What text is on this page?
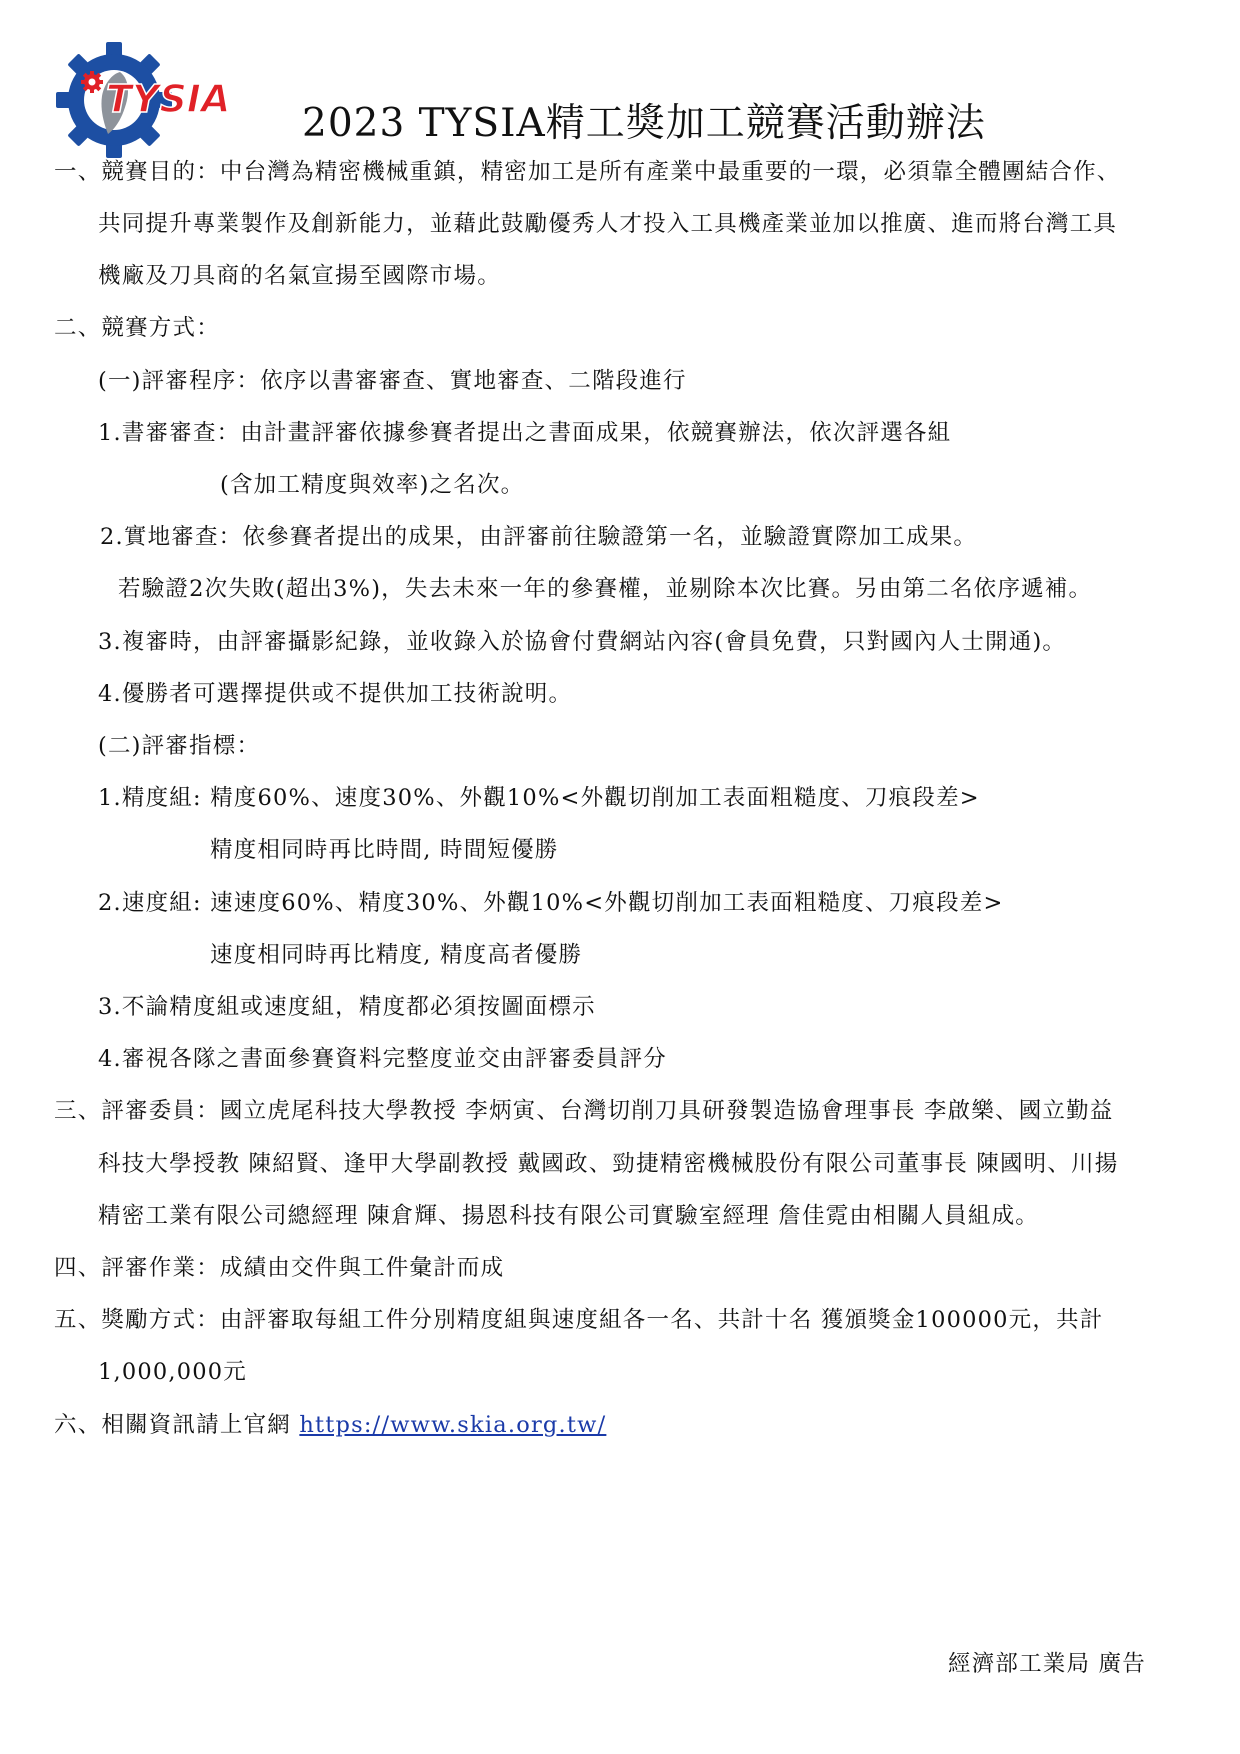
TYSIA
2023 TYSIA精工獎加工競賽活動辦法
一、競賽目的：中台灣為精密機械重鎮，精密加工是所有產業中最重要的一環，必須靠全體團結合作、
共同提升專業製作及創新能力，並藉此鼓勵優秀人才投入工具機產業並加以推廣、進而將台灣工具
機廠及刀具商的名氣宣揚至國際市場。
二、競賽方式：
(一)評審程序：依序以書審審查、實地審查、二階段進行
1.書審審查：由計畫評審依據參賽者提出之書面成果，依競賽辦法，依次評選各組
(含加工精度與效率)之名次。
2.實地審查：依參賽者提出的成果，由評審前往驗證第一名，並驗證實際加工成果。
若驗證2次失敗(超出3%)，失去未來一年的參賽權，並剔除本次比賽。另由第二名依序遞補。
3.複審時，由評審攝影紀錄，並收錄入於協會付費網站內容(會員免費，只對國內人士開通)。
4.優勝者可選擇提供或不提供加工技術說明。
(二)評審指標：
1.精度組: 精度60%、速度30%、外觀10%<外觀切削加工表面粗糙度、刀痕段差>
精度相同時再比時間, 時間短優勝
2.速度組: 速速度60%、精度30%、外觀10%<外觀切削加工表面粗糙度、刀痕段差>
速度相同時再比精度, 精度高者優勝
3.不論精度組或速度組，精度都必須按圖面標示
4.審視各隊之書面參賽資料完整度並交由評審委員評分
三、評審委員：國立虎尾科技大學教授 李炳寅、台灣切削刀具研發製造協會理事長 李啟樂、國立勤益
科技大學授教 陳紹賢、逢甲大學副教授 戴國政、勁捷精密機械股份有限公司董事長 陳國明、川揚
精密工業有限公司總經理 陳倉輝、揚恩科技有限公司實驗室經理 詹佳霓由相關人員組成。
四、評審作業：成績由交件與工件彙計而成
五、獎勵方式：由評審取每組工件分別精度組與速度組各一名、共計十名 獲頒獎金100000元，共計
1,000,000元
六、相關資訊請上官網 https://www.skia.org.tw/
經濟部工業局 廣告
